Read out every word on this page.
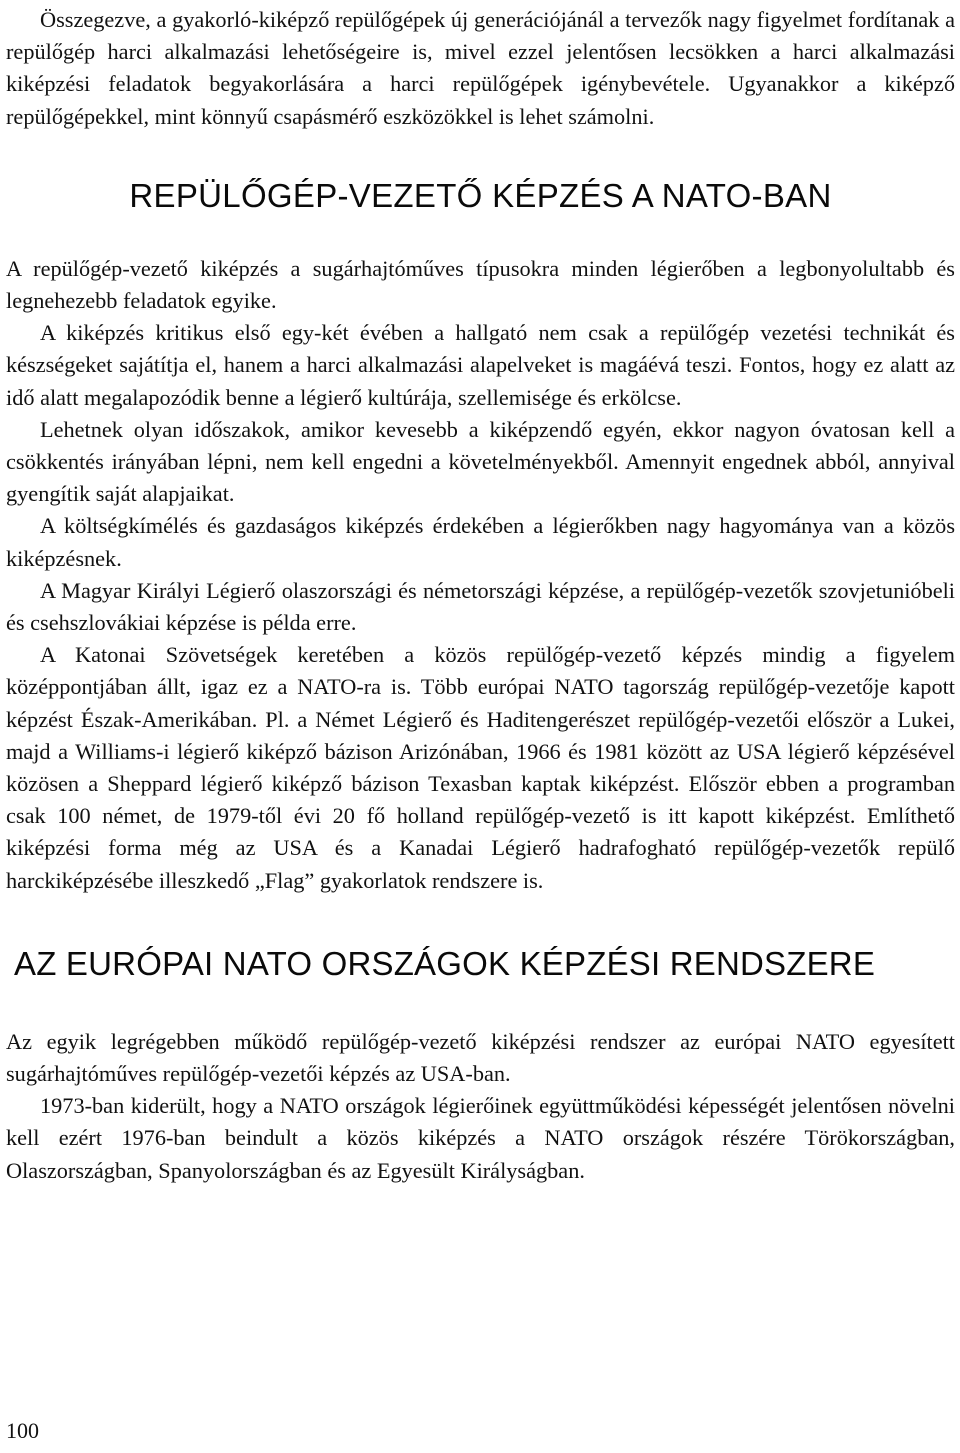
Összegezve, a gyakorló-kiképző repülőgépek új generációjánál a tervezők nagy figyelmet fordítanak a repülőgép harci alkalmazási lehetőségeire is, mivel ezzel jelentősen lecsökken a harci alkalmazási kiképzési feladatok begyakorlására a harci repülőgépek igénybevétele. Ugyanakkor a kiképző repülőgépekkel, mint könnyű csapásmérő eszközökkel is lehet számolni.

REPÜLŐGÉP-VEZETŐ KÉPZÉS A NATO-BAN

A repülőgép-vezető kiképzés a sugárhajtóműves típusokra minden légierőben a legbonyolultabb és legnehezebb feladatok egyike.

A kiképzés kritikus első egy-két évében a hallgató nem csak a repülőgép vezetési technikát és készségeket sajátítja el, hanem a harci alkalmazási alapelveket is magáévá teszi. Fontos, hogy ez alatt az idő alatt megalapozódik benne a légierő kultúrája, szellemisége és erkölcse.

Lehetnek olyan időszakok, amikor kevesebb a kiképzendő egyén, ekkor nagyon óvatosan kell a csökkentés irányában lépni, nem kell engedni a követelményekből. Amennyit engednek abból, annyival gyengítik saját alapjaikat.

A költségkímélés és gazdaságos kiképzés érdekében a légierőkben nagy hagyománya van a közös kiképzésnek.

A Magyar Királyi Légierő olaszországi és németországi képzése, a repülőgép-vezetők szovjetunióbeli és csehszlovákiai képzése is példa erre.

A Katonai Szövetségek keretében a közös repülőgép-vezető képzés mindig a figyelem középpontjában állt, igaz ez a NATO-ra is. Több európai NATO tagország repülőgép-vezetője kapott képzést Észak-Amerikában. Pl. a Német Légierő és Haditengerészet repülőgép-vezetői először a Lukei, majd a Williams-i légierő kiképző bázison Arizónában, 1966 és 1981 között az USA légierő képzésével közösen a Sheppard légierő kiképző bázison Texasban kaptak kiképzést. Először ebben a programban csak 100 német, de 1979-től évi 20 fő holland repülőgép-vezető is itt kapott kiképzést. Említhető kiképzési forma még az USA és a Kanadai Légierő hadrafogható repülőgép-vezetők repülő harckiképzésébe illeszkedő „Flag” gyakorlatok rendszere is.

AZ EURÓPAI NATO ORSZÁGOK KÉPZÉSI RENDSZERE

Az egyik legrégebben működő repülőgép-vezető kiképzési rendszer az európai NATO egyesített sugárhajtóműves repülőgép-vezetői képzés az USA-ban.

1973-ban kiderült, hogy a NATO országok légierőinek együttműködési képességét jelentősen növelni kell ezért 1976-ban beindult a közös kiképzés a NATO országok részére Törökországban, Olaszországban, Spanyolországban és az Egyesült Királyságban.

100
